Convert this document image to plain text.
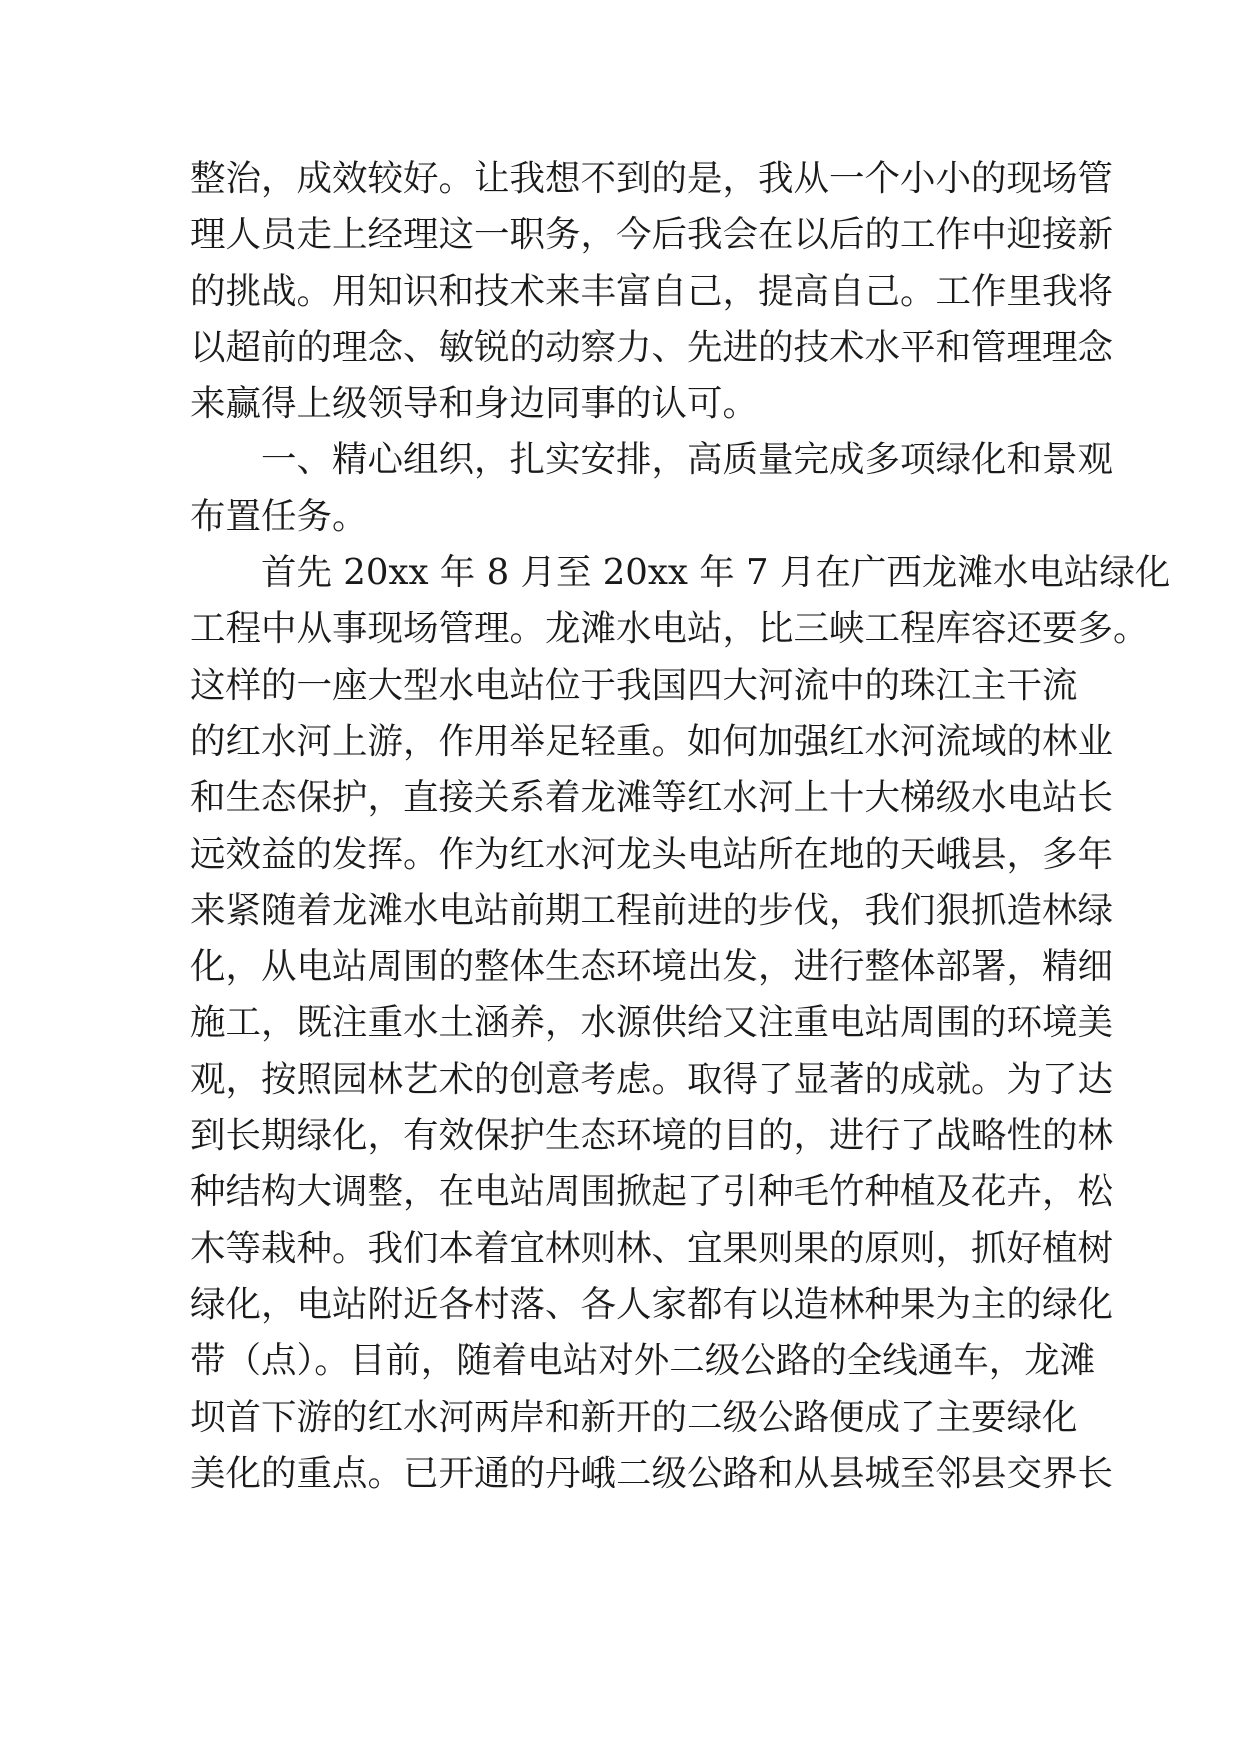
整治，成效较好。让我想不到的是，我从一个小小的现场管
理人员走上经理这一职务，今后我会在以后的工作中迎接新
的挑战。用知识和技术来丰富自己，提高自己。工作里我将
以超前的理念、敏锐的动察力、先进的技术水平和管理理念
来赢得上级领导和身边同事的认可。
　　一、精心组织，扎实安排，高质量完成多项绿化和景观
布置任务。
　　首先 20xx 年 8 月至 20xx 年 7 月在广西龙滩水电站绿化
工程中从事现场管理。龙滩水电站，比三峡工程库容还要多。
这样的一座大型水电站位于我国四大河流中的珠江主干流
的红水河上游，作用举足轻重。如何加强红水河流域的林业
和生态保护，直接关系着龙滩等红水河上十大梯级水电站长
远效益的发挥。作为红水河龙头电站所在地的天峨县，多年
来紧随着龙滩水电站前期工程前进的步伐，我们狠抓造林绿
化，从电站周围的整体生态环境出发，进行整体部署，精细
施工，既注重水土涵养，水源供给又注重电站周围的环境美
观，按照园林艺术的创意考虑。取得了显著的成就。为了达
到长期绿化，有效保护生态环境的目的，进行了战略性的林
种结构大调整，在电站周围掀起了引种毛竹种植及花卉，松
木等栽种。我们本着宜林则林、宜果则果的原则，抓好植树
绿化，电站附近各村落、各人家都有以造林种果为主的绿化
带（点）。目前，随着电站对外二级公路的全线通车，龙滩
坝首下游的红水河两岸和新开的二级公路便成了主要绿化
美化的重点。已开通的丹峨二级公路和从县城至邻县交界长
